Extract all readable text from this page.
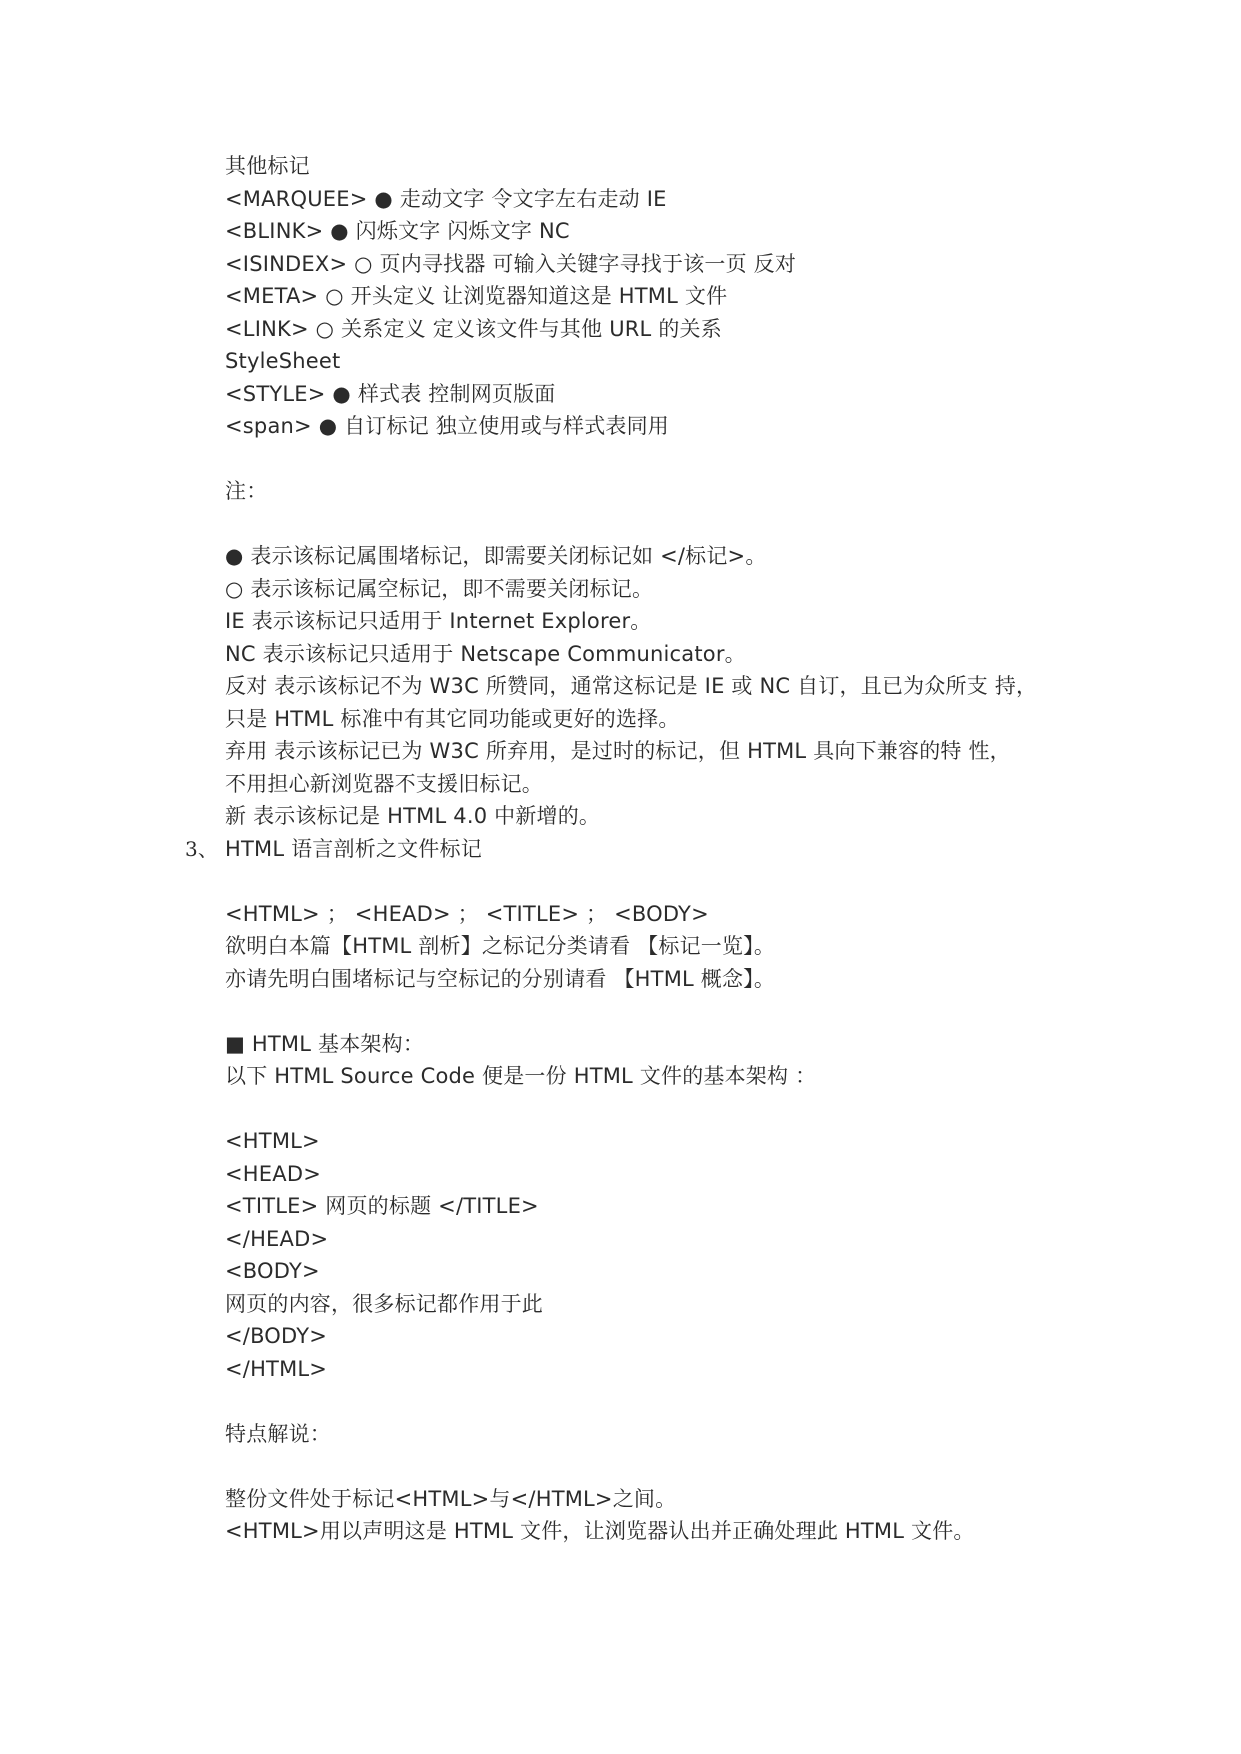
其他标记
<MARQUEE> ● 走动文字 令文字左右走动 IE
<BLINK> ● 闪烁文字 闪烁文字 NC
<ISINDEX> ○ 页内寻找器 可输入关键字寻找于该一页 反对
<META> ○ 开头定义 让浏览器知道这是 HTML 文件
<LINK> ○ 关系定义 定义该文件与其他 URL 的关系
StyleSheet
<STYLE> ● 样式表 控制网页版面
<span> ● 自订标记 独立使用或与样式表同用
注：
● 表示该标记属围堵标记，即需要关闭标记如 </标记>。
○ 表示该标记属空标记，即不需要关闭标记。
IE 表示该标记只适用于 Internet Explorer。
NC 表示该标记只适用于 Netscape Communicator。
反对 表示该标记不为 W3C 所赞同，通常这标记是 IE 或 NC 自订，且已为众所支 持，
只是 HTML 标准中有其它同功能或更好的选择。
弃用 表示该标记已为 W3C 所弃用，是过时的标记，但 HTML 具向下兼容的特 性，
不用担心新浏览器不支援旧标记。
新 表示该标记是 HTML 4.0 中新增的。
3、 HTML 语言剖析之文件标记
<HTML> ； <HEAD> ； <TITLE> ； <BODY>
欲明白本篇【HTML 剖析】之标记分类请看 【标记一览】。
亦请先明白围堵标记与空标记的分别请看 【HTML 概念】。
■ HTML 基本架构：
以下 HTML Source Code 便是一份 HTML 文件的基本架构 ：
<HTML>
<HEAD>
<TITLE> 网页的标题 </TITLE>
</HEAD>
<BODY>
网页的内容，很多标记都作用于此
</BODY>
</HTML>
特点解说：
整份文件处于标记<HTML>与</HTML>之间。
<HTML>用以声明这是 HTML 文件，让浏览器认出并正确处理此 HTML 文件。
